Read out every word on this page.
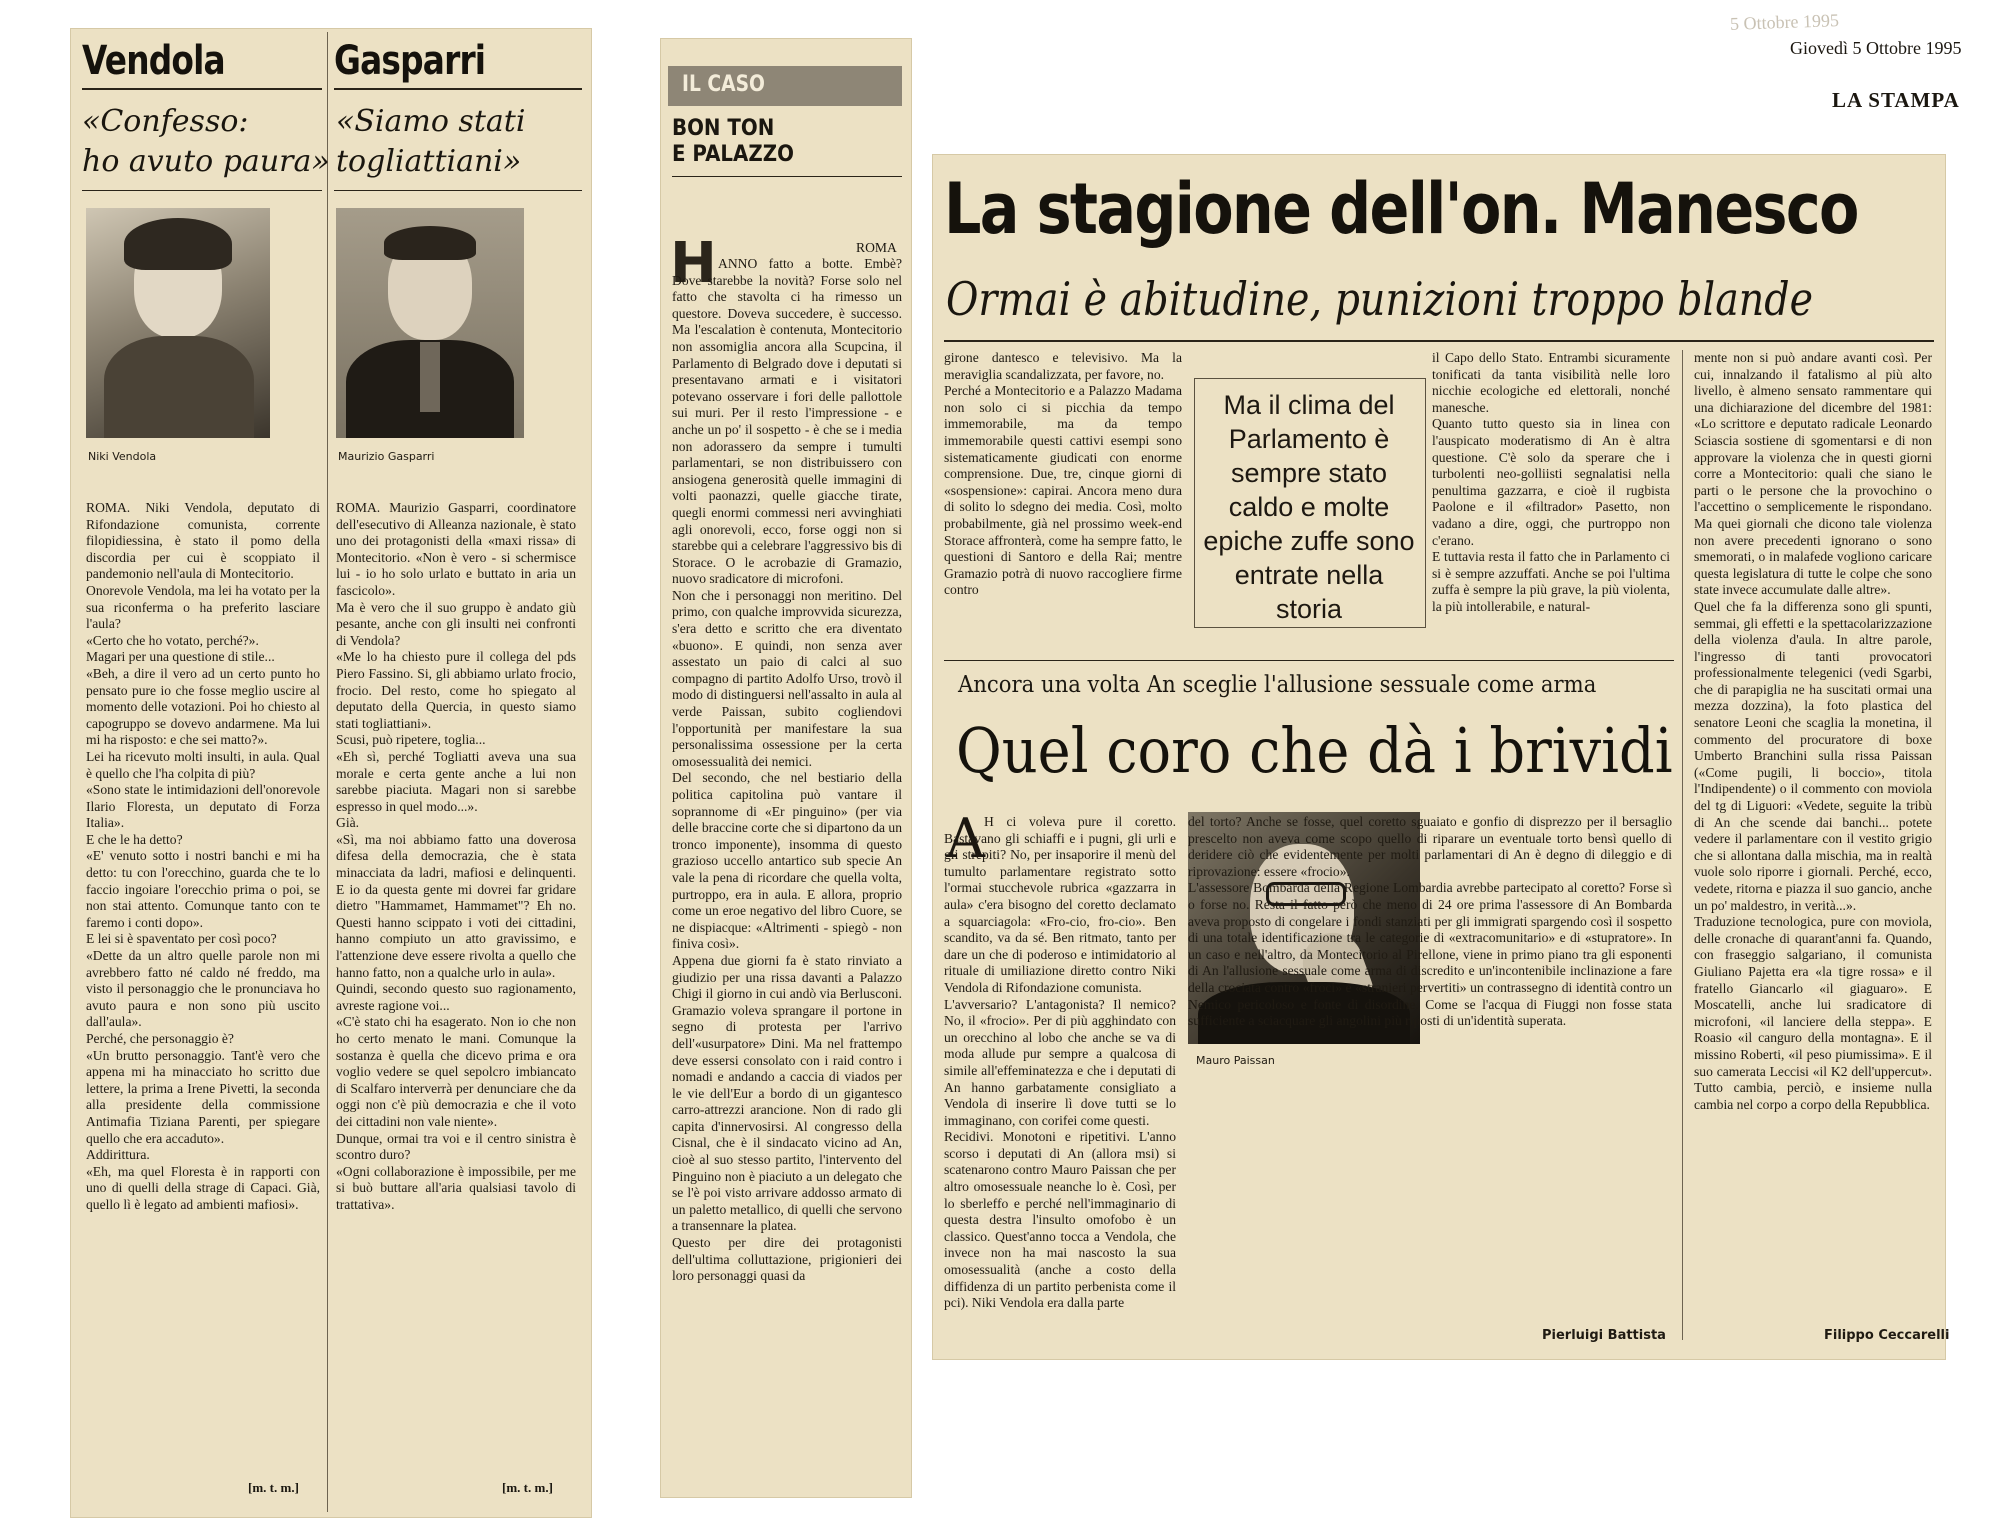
Giovedì 5 Ottobre 1995
5 Ottobre 1995
LA STAMPA
Vendola
«Confesso:
ho avuto paura»
Niki Vendola
ROMA. Niki Vendola, deputato di Rifondazione comunista, corrente filopidiessina, è stato il pomo della discordia per cui è scoppiato il pandemonio nell'aula di Montecitorio.
Onorevole Vendola, ma lei ha votato per la sua riconferma o ha preferito lasciare l'aula?
«Certo che ho votato, perché?».
Magari per una questione di stile...
«Beh, a dire il vero ad un certo punto ho pensato pure io che fosse meglio uscire al momento delle votazioni. Poi ho chiesto al capogruppo se dovevo andarmene. Ma lui mi ha risposto: e che sei matto?».
Lei ha ricevuto molti insulti, in aula. Qual è quello che l'ha colpita di più?
«Sono state le intimidazioni dell'onorevole Ilario Floresta, un deputato di Forza Italia».
E che le ha detto?
«E' venuto sotto i nostri banchi e mi ha detto: tu con l'orecchino, guarda che te lo faccio ingoiare l'orecchio prima o poi, se non stai attento. Comunque tanto con te faremo i conti dopo».
E lei si è spaventato per così poco?
«Dette da un altro quelle parole non mi avrebbero fatto né caldo né freddo, ma visto il personaggio che le pronunciava ho avuto paura e non sono più uscito dall'aula».
Perché, che personaggio è?
«Un brutto personaggio. Tant'è vero che appena mi ha minacciato ho scritto due lettere, la prima a Irene Pivetti, la seconda alla presidente della commissione Antimafia Tiziana Parenti, per spiegare quello che era accaduto».
Addirittura.
«Eh, ma quel Floresta è in rapporti con uno di quelli della strage di Capaci. Già, quello lì è legato ad ambienti mafiosi».
[m. t. m.]
Gasparri
«Siamo stati
togliattiani»
Maurizio Gasparri
ROMA. Maurizio Gasparri, coordinatore dell'esecutivo di Alleanza nazionale, è stato uno dei protagonisti della «maxi rissa» di Montecitorio. «Non è vero - si schermisce lui - io ho solo urlato e buttato in aria un fascicolo».
Ma è vero che il suo gruppo è andato giù pesante, anche con gli insulti nei confronti di Vendola?
«Me lo ha chiesto pure il collega del pds Piero Fassino. Si, gli abbiamo urlato frocio, frocio. Del resto, come ho spiegato al deputato della Quercia, in questo siamo stati togliattiani».
Scusi, può ripetere, toglia...
«Eh sì, perché Togliatti aveva una sua morale e certa gente anche a lui non sarebbe piaciuta. Magari non si sarebbe espresso in quel modo...».
Già.
«Sì, ma noi abbiamo fatto una doverosa difesa della democrazia, che è stata minacciata da ladri, mafiosi e delinquenti. E io da questa gente mi dovrei far gridare dietro "Hammamet, Hammamet"? Eh no. Questi hanno scippato i voti dei cittadini, hanno compiuto un atto gravissimo, e l'attenzione deve essere rivolta a quello che hanno fatto, non a qualche urlo in aula».
Quindi, secondo questo suo ragionamento, avreste ragione voi...
«C'è stato chi ha esagerato. Non io che non ho certo menato le mani. Comunque la sostanza è quella che dicevo prima e ora voglio vedere se quel sepolcro imbiancato di Scalfaro interverrà per denunciare che da oggi non c'è più democrazia e che il voto dei cittadini non vale niente».
Dunque, ormai tra voi e il centro sinistra è scontro duro?
«Ogni collaborazione è impossibile, per me si buò buttare all'aria qualsiasi tavolo di trattativa».
[m. t. m.]
IL CASO
BON TON
E PALAZZO
H	ROMA
ANNO fatto a botte. Embè? Dove starebbe la novità? Forse solo nel fatto che stavolta ci ha rimesso un questore. Doveva succedere, è successo. Ma l'escalation è contenuta, Montecitorio non assomiglia ancora alla Scupcina, il Parlamento di Belgrado dove i deputati si presentavano armati e i visitatori potevano osservare i fori delle pallottole sui muri. Per il resto l'impressione - e anche un po' il sospetto - è che se i media non adorassero da sempre i tumulti parlamentari, se non distribuissero con ansiogena generosità quelle immagini di volti paonazzi, quelle giacche tirate, quegli enormi commessi neri avvinghiati agli onorevoli, ecco, forse oggi non si starebbe qui a celebrare l'aggressivo bis di Storace. O le acrobazie di Gramazio, nuovo sradicatore di microfoni.
Non che i personaggi non meritino. Del primo, con qualche improvvida sicurezza, s'era detto e scritto che era diventato «buono». E quindi, non senza aver assestato un paio di calci al suo compagno di partito Adolfo Urso, trovò il modo di distinguersi nell'assalto in aula al verde Paissan, subito cogliendovi l'opportunità per manifestare la sua personalissima ossessione per la certa omosessualità dei nemici.
Del secondo, che nel bestiario della politica capitolina può vantare il soprannome di «Er pinguino» (per via delle braccine corte che si dipartono da un tronco imponente), insomma di questo grazioso uccello antartico sub specie An vale la pena di ricordare che quella volta, purtroppo, era in aula. E allora, proprio come un eroe negativo del libro Cuore, se ne dispiacque: «Altrimenti - spiegò - non finiva così».
Appena due giorni fa è stato rinviato a giudizio per una rissa davanti a Palazzo Chigi il giorno in cui andò via Berlusconi. Gramazio voleva sprangare il portone in segno di protesta per l'arrivo dell'«usurpatore» Dini. Ma nel frattempo deve essersi consolato con i raid contro i nomadi e andando a caccia di viados per le vie dell'Eur a bordo di un gigantesco carro-attrezzi arancione. Non di rado gli capita d'innervosirsi. Al congresso della Cisnal, che è il sindacato vicino ad An, cioè al suo stesso partito, l'intervento del Pinguino non è piaciuto a un delegato che se l'è poi visto arrivare addosso armato di un paletto metallico, di quelli che servono a transennare la platea.
Questo per dire dei protagonisti dell'ultima colluttazione, prigionieri dei loro personaggi quasi da
La stagione dell'on. Manesco
Ormai è abitudine, punizioni troppo blande
girone dantesco e televisivo. Ma la meraviglia scandalizzata, per favore, no.
Perché a Montecitorio e a Palazzo Madama non solo ci si picchia da tempo immemorabile, ma da tempo immemorabile questi cattivi esempi sono sistematicamente giudicati con enorme comprensione. Due, tre, cinque giorni di «sospensione»: capirai. Ancora meno dura di solito lo sdegno dei media. Così, molto probabilmente, già nel prossimo week-end Storace affronterà, come ha sempre fatto, le questioni di Santoro e della Rai; mentre Gramazio potrà di nuovo raccogliere firme contro
Ma il clima del Parlamento è sempre stato caldo e molte epiche zuffe sono entrate nella storia
il Capo dello Stato. Entrambi sicuramente tonificati da tanta visibilità nelle loro nicchie ecologiche ed elettorali, nonché manesche.
Quanto tutto questo sia in linea con l'auspicato moderatismo di An è altra questione. C'è solo da sperare che i turbolenti neo-golliisti segnalatisi nella penultima gazzarra, e cioè il rugbista Paolone e il «filtrador» Pasetto, non vadano a dire, oggi, che purtroppo non c'erano.
E tuttavia resta il fatto che in Parlamento ci si è sempre azzuffati. Anche se poi l'ultima zuffa è sempre la più grave, la più violenta, la più intollerabile, e natural-
mente non si può andare avanti così. Per cui, innalzando il fatalismo al più alto livello, è almeno sensato rammentare qui una dichiarazione del dicembre del 1981: «Lo scrittore e deputato radicale Leonardo Sciascia sostiene di sgomentarsi e di non approvare la violenza che in questi giorni corre a Montecitorio: quali che siano le parti o le persone che la provochino o l'accettino o semplicemente le rispondano. Ma quei giornali che dicono tale violenza non avere precedenti ignorano o sono smemorati, o in malafede vogliono caricare questa legislatura di tutte le colpe che sono state invece accumulate dalle altre».
Quel che fa la differenza sono gli spunti, semmai, gli effetti e la spettacolarizzazione della violenza d'aula. In altre parole, l'ingresso di tanti provocatori professionalmente telegenici (vedi Sgarbi, che di parapiglia ne ha suscitati ormai una mezza dozzina), la foto plastica del senatore Leoni che scaglia la monetina, il commento del procuratore di boxe Umberto Branchini sulla rissa Paissan («Come pugili, li boccio», titola l'Indipendente) o il commento con moviola del tg di Liguori: «Vedete, seguite la tribù di An che scende dai banchi... potete vedere il parlamentare con il vestito grigio che si allontana dalla mischia, ma in realtà vuole solo riporre i giornali. Perché, ecco, vedete, ritorna e piazza il suo gancio, anche un po' maldestro, in verità...».
Traduzione tecnologica, pure con moviola, delle cronache di quarant'anni fa. Quando, con fraseggio salgariano, il comunista Giuliano Pajetta era «la tigre rossa» e il fratello Giancarlo «il giaguaro». E Moscatelli, anche lui sradicatore di microfoni, «il lanciere della steppa». E Roasio «il canguro della montagna». E il missino Roberti, «il peso piumissima». E il suo camerata Leccisi «il K2 dell'uppercut». Tutto cambia, perciò, e insieme nulla cambia nel corpo a corpo della Repubblica.
Filippo Ceccarelli
Ancora una volta An sceglie l'allusione sessuale come arma
Quel coro che dà i brividi
A H ci voleva pure il coretto. Bastavano gli schiaffi e i pugni, gli urli e gli strepiti? No, per insaporire il menù del tumulto parlamentare registrato sotto l'ormai stucchevole rubrica «gazzarra in aula» c'era bisogno del coretto declamato a squarciagola: «Fro-cio, fro-cio». Ben scandito, va da sé. Ben ritmato, tanto per dare un che di poderoso e intimidatorio al rituale di umiliazione diretto contro Niki Vendola di Rifondazione comunista.
L'avversario? L'antagonista? Il nemico? No, il «frocio». Per di più agghindato con un orecchino al lobo che anche se va di moda allude pur sempre a qualcosa di simile all'effeminatezza e che i deputati di An hanno garbatamente consigliato a Vendola di inserire lì dove tutti se lo immaginano, con corifei come questi.
Recidivi. Monotoni e ripetitivi. L'anno scorso i deputati di An (allora msi) si scatenarono contro Mauro Paissan che per altro omosessuale neanche lo è. Così, per lo sberleffo e perché nell'immaginario di questa destra l'insulto omofobo è un classico. Quest'anno tocca a Vendola, che invece non ha mai nascosto la sua omosessualità (anche a costo della diffidenza di un partito perbenista come il pci). Niki Vendola era dalla parte
Mauro Paissan
del torto? Anche se fosse, quel coretto sguaiato e gonfio di disprezzo per il bersaglio prescelto non aveva come scopo quello di riparare un eventuale torto bensì quello di deridere ciò che evidentemente per molti parlamentari di An è degno di dileggio e di riprovazione: essere «frocio».
L'assessore Bombarda della Regione Lombardia avrebbe partecipato al coretto? Forse sì o forse no. Resta il fatto però che meno di 24 ore prima l'assessore di An Bombarda aveva proposto di congelare i fondi stanziati per gli immigrati spargendo così il sospetto di una totale identificazione tra le categorie di «extracomunitario» e di «stupratore». In un caso e nell'altro, da Montecitorio al Pirellone, viene in primo piano tra gli esponenti di An l'allusione sessuale come arma di discredito e un'incontenibile inclinazione a fare della crociata contro «froci» e «stranieri pervertiti» un contrassegno di identità contro un Nemico pericoloso e fonte di disordine. Come se l'acqua di Fiuggi non fosse stata sufficiente a sciacquare gli angolini più riposti di un'identità superata.
Pierluigi Battista
